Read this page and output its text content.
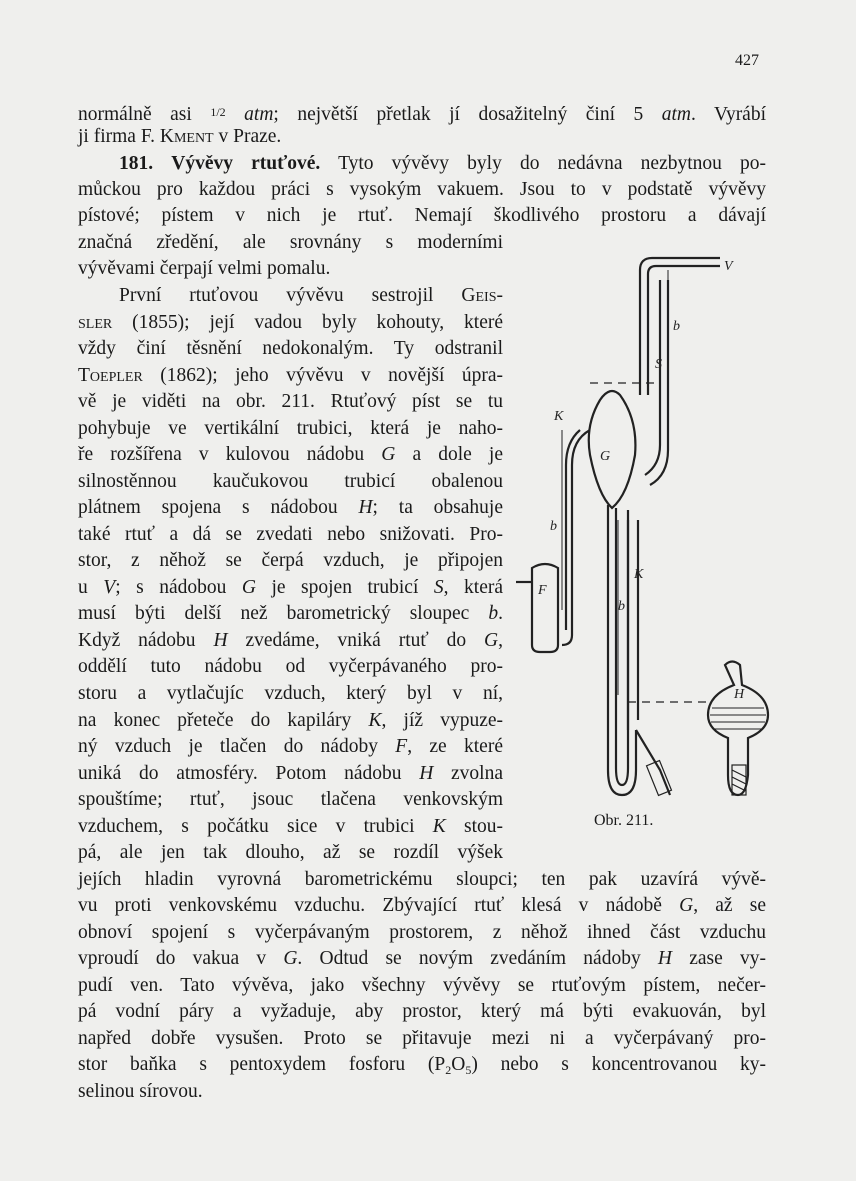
427
normálně asi $^{1/2}$ atm; největší přetlak jí dosažitelný činí 5 atm. Vyrábí
ji firma F. Kment v Praze.
181. Vývěvy rtuťové. Tyto vývěvy byly do nedávna nezbytnou po-
můckou pro každou práci s vysokým vakuem. Jsou to v podstatě vývěvy
pístové; pístem v nich je rtuť. Nemají škodlivého prostoru a dávají
značná zředění, ale srovnány s moderními
vývěvami čerpají velmi pomalu.
První rtuťovou vývěvu sestrojil Geis-
sler (1855); její vadou byly kohouty, které
vždy činí těsnění nedokonalým. Ty odstranil
Toepler (1862); jeho vývěvu v novější úpra-
vě je viděti na obr. 211. Rtuťový píst se tu
pohybuje ve vertikální trubici, která je naho-
ře rozšířena v kulovou nádobu G a dole je
silnostěnnou kaučukovou trubicí obalenou
plátnem spojena s nádobou H; ta obsahuje
také rtuť a dá se zvedati nebo snižovati. Pro-
stor, z něhož se čerpá vzduch, je připojen
u V; s nádobou G je spojen trubicí S, která
musí býti delší než barometrický sloupec b.
Když nádobu H zvedáme, vniká rtuť do G,
oddělí tuto nádobu od vyčerpávaného pro-
storu a vytlačujíc vzduch, který byl v ní,
na konec přeteče do kapiláry K, jíž vypuze-
ný vzduch je tlačen do nádoby F, ze které
uniká do atmosféry. Potom nádobu H zvolna
spouštíme; rtuť, jsouc tlačena venkovským
vzduchem, s počátku sice v trubici K stou-
pá, ale jen tak dlouho, až se rozdíl výšek
jejích hladin vyrovná barometrickému sloupci; ten pak uzavírá vývě-
vu proti venkovskému vzduchu. Zbývající rtuť klesá v nádobě G, až se
obnoví spojení s vyčerpávaným prostorem, z něhož ihned část vzduchu
vproudí do vakua v G. Odtud se novým zvedáním nádoby H zase vy-
pudí ven. Tato vývěva, jako všechny vývěvy se rtuťovým pístem, nečer-
pá vodní páry a vyžaduje, aby prostor, který má býti evakuován, byl
napřed dobře vysušen. Proto se přitavuje mezi ni a vyčerpávaný pro-
stor baňka s pentoxydem fosforu $(P_2O_5)$ nebo s koncentrovanou ky-
selinou sírovou.
V
b
S
K
G
b
F
K
b
H
Obr. 211.
